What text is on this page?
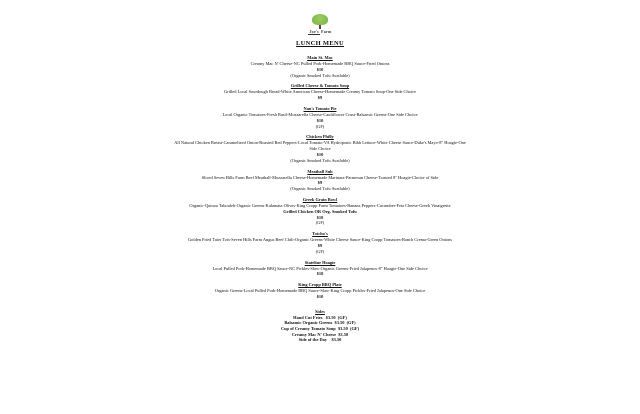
Joe's Farm
LUNCH MENU
Main St. Mac
Creamy Mac N' Cheese-NC Pulled Pork-Homemade BBQ Sauce-Fried Onions
$10
(Organic Smoked Tofu Available)
Grilled Cheese & Tomato Soup
Grilled Local Sourdough Bread-White American Cheese-Homemade Creamy Tomato Soup-One Side Choice
$9
Nan's Tomato Pie
Local Organic Tomatoes-Fresh Basil-Mozzarella Cheese-Cauliflower Crust-Balsamic Greens-One Side Choice
$10
(GF)
Chicken Philly
All Natural Chicken Breast-Caramelized Onion-Roasted Red Peppers-Local Tomato-VA Hydroponic Bibb Lettuce-White Cheese Sauce-Duke's Mayo-8" Hoagie-One Side Choice
$10
(Organic Smoked Tofu Available)
Meatball Sub
Sliced Seven Hills Farm Beef Meatball-Mozzarella Cheese-Homemade Marinara-Parmesan Cheese-Toasted 8" Hoagie-Choice of Side
$9
(Organic Smoked Tofu Available)
Greek Grain Bowl
Organic-Quinoa Tabouleh-Organic Greens-Kalamata Olives-King Cropp Farm Tomatoes-Banana Peppers-Cucumber-Feta Cheese-Greek Vinaigrette
Grilled Chicken OR Org. Smoked Tofu
$10
(GF)
Totcho's
Golden Fried Tater Tots-Seven Hills Farm Angus Beef Chili-Organic Greens-White Cheese Sauce-King Cropp Tomatoes-Ranch Crema-Green Onions
$9
(GF)
Stateline Hoagie
Local Pulled Pork-Homemade BBQ Sauce-NC Pickles-Slaw-Organic Greens-Fried Jalapenos-8" Hoagie-One Side Choice
$10
King Cropp BBQ Plate
Organic Greens-Local Pulled Pork-Homemade BBQ Sauce-Slaw-King Cropp Pickles-Fried Jalapenos-One Side Choice
$10
Sides
Hand Cut Fries   $3.50  (GF)
Balsamic Organic Greens  $3.50  (GF)
Cup of Creamy Tomato Soup  $3.50  (GF)
Creamy Mac N' Cheese  $3.50
Side of the Day    $3.50
